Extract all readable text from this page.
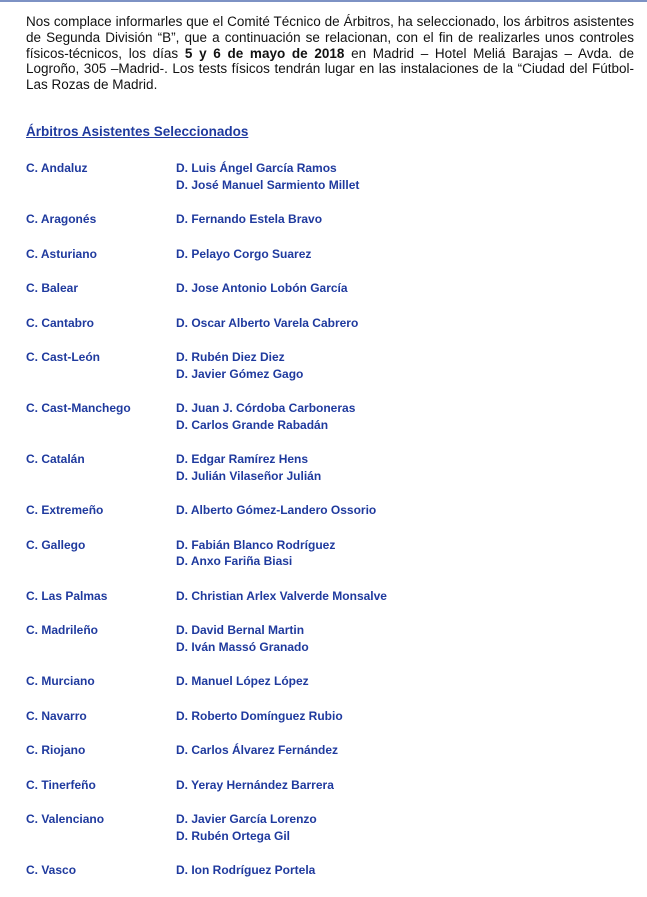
Nos complace informarles que el Comité Técnico de Árbitros, ha seleccionado, los árbitros asistentes de Segunda División “B”, que a continuación se relacionan, con el fin de realizarles unos controles físicos-técnicos, los días 5 y 6 de mayo de 2018 en Madrid – Hotel Meliá Barajas – Avda. de Logroño, 305 –Madrid-. Los tests físicos tendrán lugar en las instalaciones de la “Ciudad del Fútbol- Las Rozas de Madrid.
Árbitros Asistentes Seleccionados
C. Andaluz	D. Luis Ángel García Ramos
D. José Manuel Sarmiento Millet
C. Aragonés	D. Fernando Estela Bravo
C. Asturiano	D. Pelayo Corgo Suarez
C. Balear	D. Jose Antonio Lobón García
C. Cantabro	D. Oscar Alberto Varela Cabrero
C. Cast-León	D. Rubén Diez Diez
D. Javier Gómez Gago
C. Cast-Manchego	D. Juan J. Córdoba Carboneras
D. Carlos Grande Rabadán
C. Catalán	D. Edgar Ramírez Hens
D. Julián Vilaseñor Julián
C. Extremeño	D. Alberto Gómez-Landero Ossorio
C. Gallego	D. Fabián Blanco Rodríguez
D. Anxo Fariña Biasi
C. Las Palmas	D. Christian Arlex Valverde Monsalve
C. Madrileño	D. David Bernal Martin
D. Iván Massó Granado
C. Murciano	D. Manuel López López
C. Navarro	D. Roberto Domínguez Rubio
C. Riojano	D. Carlos Álvarez Fernández
C. Tinerfeño	D. Yeray Hernández Barrera
C. Valenciano	D. Javier García Lorenzo
D. Rubén Ortega Gil
C. Vasco	D. Ion Rodríguez Portela
